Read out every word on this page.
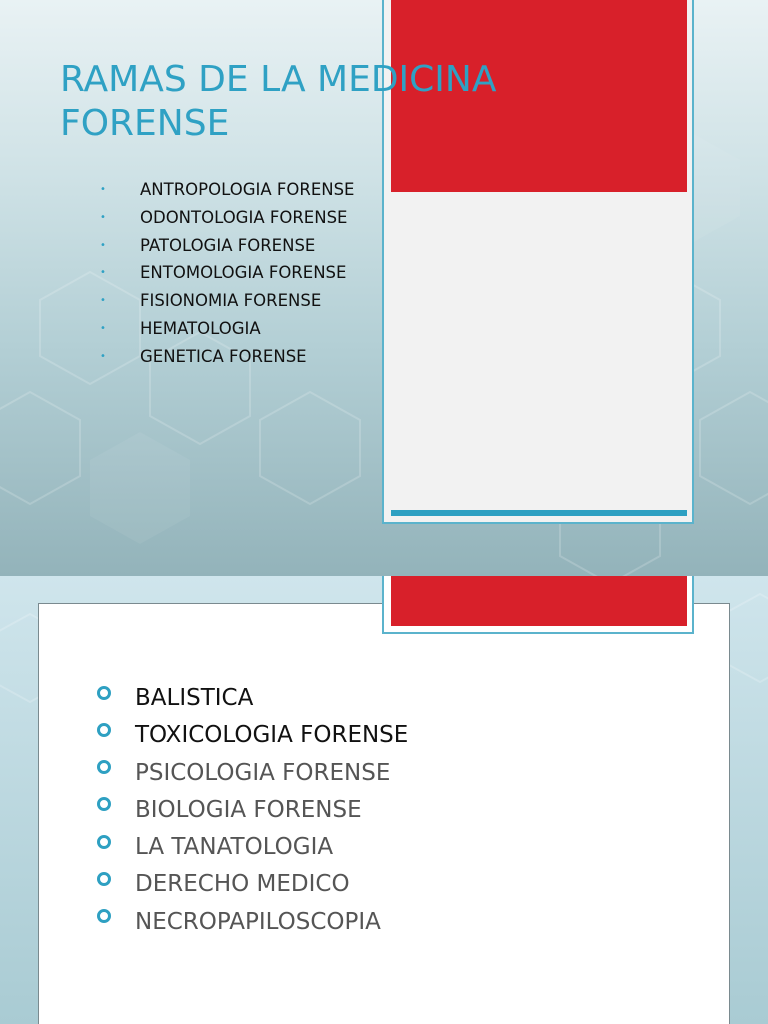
RAMAS DE LA MEDICINA
FORENSE
• ANTROPOLOGIA FORENSE
• ODONTOLOGIA FORENSE
• PATOLOGIA FORENSE
• ENTOMOLOGIA FORENSE
• FISIONOMIA FORENSE
• HEMATOLOGIA
• GENETICA FORENSE
BALISTICA
TOXICOLOGIA FORENSE
PSICOLOGIA FORENSE
BIOLOGIA FORENSE
LA TANATOLOGIA
DERECHO MEDICO
NECROPAPILOSCOPIA
